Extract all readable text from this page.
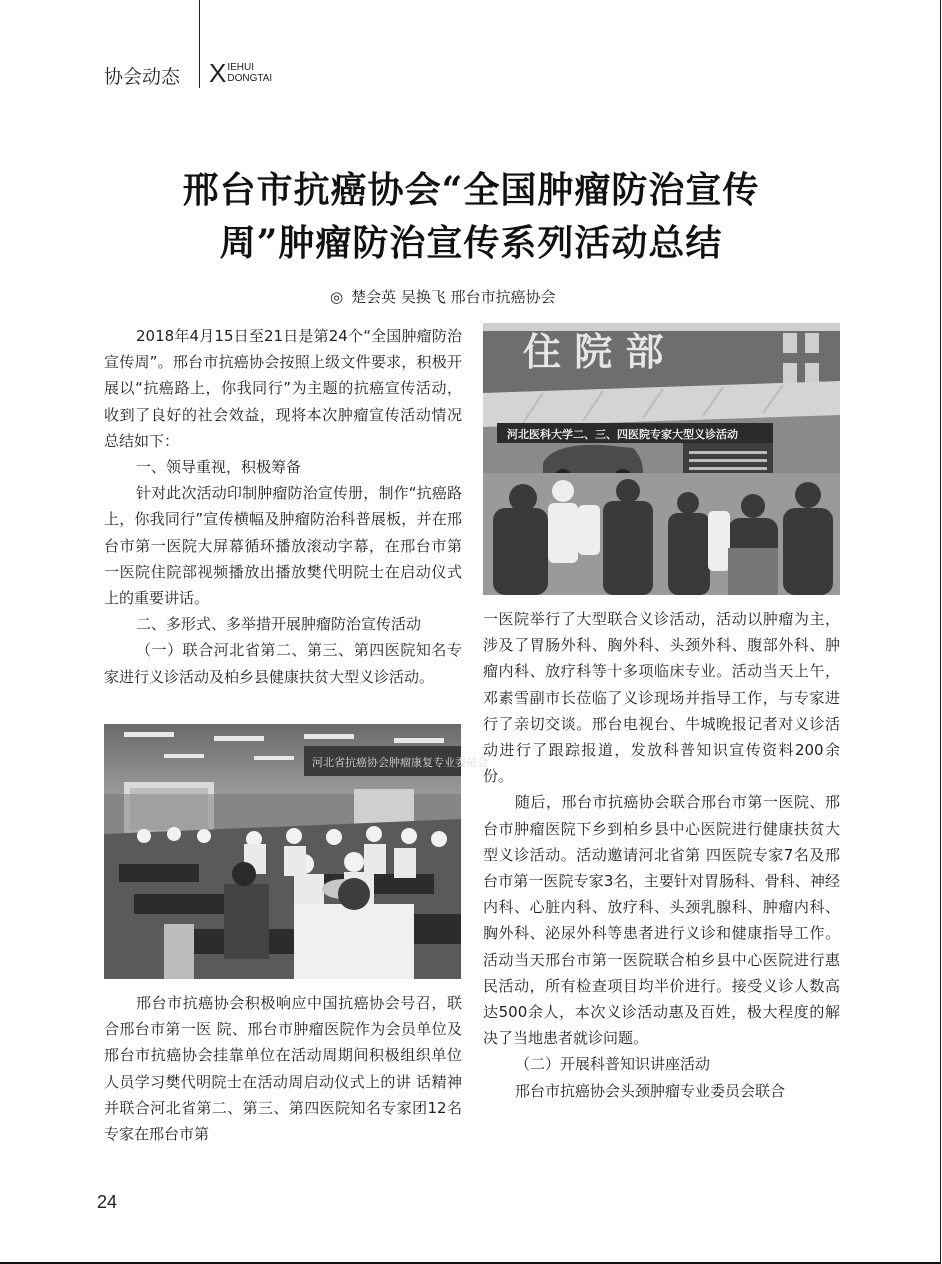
协会动态 X IEHUI
DONGTAI
邢台市抗癌协会“全国肿瘤防治宣传
周”肿瘤防治宣传系列活动总结
◎ 楚会英 吴换飞 邢台市抗癌协会

2018年4月15日至21日是第24个“全国肿瘤防治宣传周”。邢台市抗癌协会按照上级文件要求，积极开展以“抗癌路上，你我同行”为主题的抗癌宣传活动，收到了良好的社会效益，现将本次肿瘤宣传活动情况总结如下：

一、领导重视，积极筹备

针对此次活动印制肿瘤防治宣传册，制作“抗癌路上，你我同行”宣传横幅及肿瘤防治科普展板，并在邢台市第一医院大屏幕循环播放滚动字幕，在邢台市第一医院住院部视频播放出播放樊代明院士在启动仪式上的重要讲话。

二、多形式、多举措开展肿瘤防治宣传活动

（一）联合河北省第二、第三、第四医院知名专家进行义诊活动及柏乡县健康扶贫大型义诊活动。

河北省抗癌协会肿瘤康复专业委员会

邢台市抗癌协会积极响应中国抗癌协会号召，联合邢台市第一医 院、邢台市肿瘤医院作为会员单位及邢台市抗癌协会挂靠单位在活动周期间积极组织单位人员学习樊代明院士在活动周启动仪式上的讲 话精神并联合河北省第二、第三、第四医院知名专家团12名专家在邢台市第

住 院 部
河北医科大学二、三、四医院专家大型义诊活动

一医院举行了大型联合义诊活动，活动以肿瘤为主，涉及了胃肠外科、胸外科、头颈外科、腹部外科、肿瘤内科、放疗科等十多项临床专业。活动当天上午，邓素雪副市长莅临了义诊现场并指导工作，与专家进行了亲切交谈。邢台电视台、牛城晚报记者对义诊活动进行了跟踪报道，发放科普知识宣传资料200余份。

随后，邢台市抗癌协会联合邢台市第一医院、邢台市肿瘤医院下乡到柏乡县中心医院进行健康扶贫大型义诊活动。活动邀请河北省第 四医院专家7名及邢台市第一医院专家3名，主要针对胃肠科、骨科、神经内科、心脏内科、放疗科、头颈乳腺科、肿瘤内科、胸外科、泌尿外科等患者进行义诊和健康指导工作。活动当天邢台市第一医院联合柏乡县中心医院进行惠民活动，所有检查项目均半价进行。接受义诊人数高达500余人，本次义诊活动惠及百姓，极大程度的解决了当地患者就诊问题。

（二）开展科普知识讲座活动

邢台市抗癌协会头颈肿瘤专业委员会联合

24
